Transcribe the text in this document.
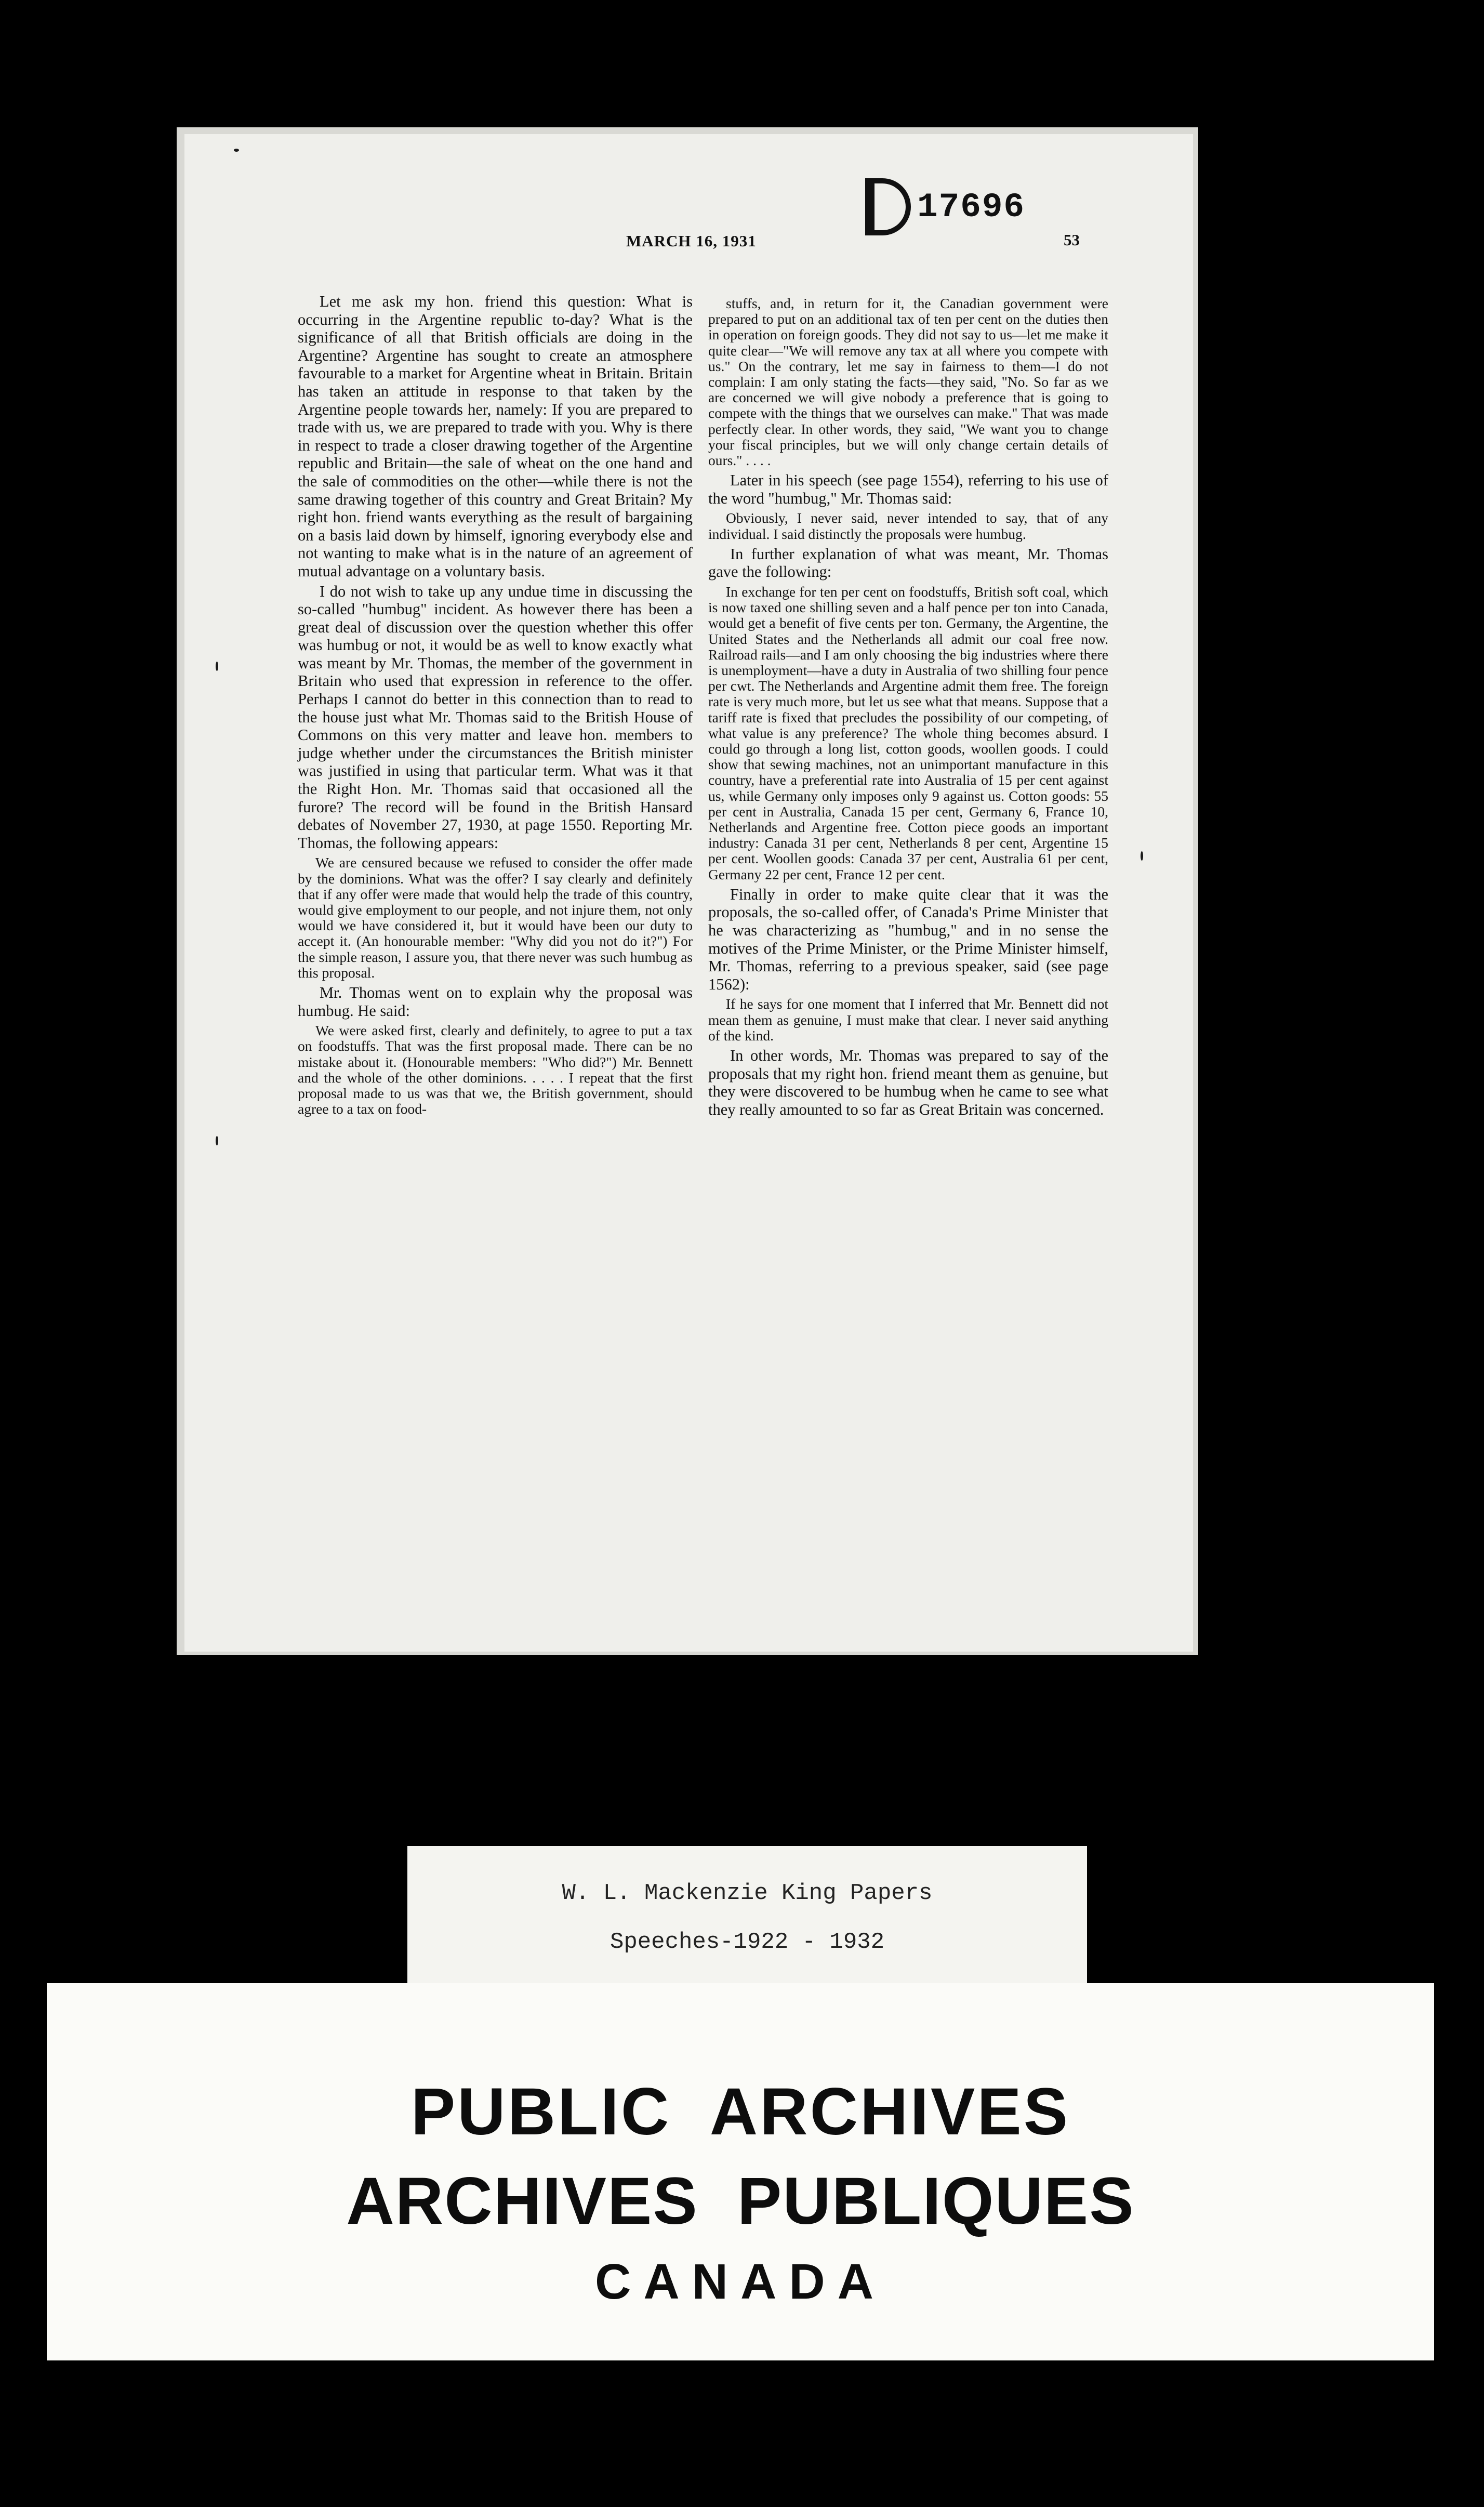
MARCH 16, 1931	53
17696

Let me ask my hon. friend this question: What is occurring in the Argentine republic to-day? What is the significance of all that British officials are doing in the Argentine? Argentine has sought to create an atmosphere favourable to a market for Argentine wheat in Britain. Britain has taken an attitude in response to that taken by the Argentine people towards her, namely: If you are prepared to trade with us, we are prepared to trade with you. Why is there in respect to trade a closer drawing together of the Argentine republic and Britain—the sale of wheat on the one hand and the sale of commodities on the other—while there is not the same drawing together of this country and Great Britain? My right hon. friend wants everything as the result of bargaining on a basis laid down by himself, ignoring everybody else and not wanting to make what is in the nature of an agreement of mutual advantage on a voluntary basis.

I do not wish to take up any undue time in discussing the so-called "humbug" incident. As however there has been a great deal of discussion over the question whether this offer was humbug or not, it would be as well to know exactly what was meant by Mr. Thomas, the member of the government in Britain who used that expression in reference to the offer. Perhaps I cannot do better in this connection than to read to the house just what Mr. Thomas said to the British House of Commons on this very matter and leave hon. members to judge whether under the circumstances the British minister was justified in using that particular term. What was it that the Right Hon. Mr. Thomas said that occasioned all the furore? The record will be found in the British Hansard debates of November 27, 1930, at page 1550. Reporting Mr. Thomas, the following appears:

We are censured because we refused to consider the offer made by the dominions. What was the offer? I say clearly and definitely that if any offer were made that would help the trade of this country, would give employment to our people, and not injure them, not only would we have considered it, but it would have been our duty to accept it. (An honourable member: "Why did you not do it?") For the simple reason, I assure you, that there never was such humbug as this proposal.

Mr. Thomas went on to explain why the proposal was humbug. He said:

We were asked first, clearly and definitely, to agree to put a tax on foodstuffs. That was the first proposal made. There can be no mistake about it. (Honourable members: "Who did?") Mr. Bennett and the whole of the other dominions. . . . . I repeat that the first proposal made to us was that we, the British government, should agree to a tax on food-

stuffs, and, in return for it, the Canadian government were prepared to put on an additional tax of ten per cent on the duties then in operation on foreign goods. They did not say to us—let me make it quite clear—"We will remove any tax at all where you compete with us." On the contrary, let me say in fairness to them—I do not complain: I am only stating the facts—they said, "No. So far as we are concerned we will give nobody a preference that is going to compete with the things that we ourselves can make." That was made perfectly clear. In other words, they said, "We want you to change your fiscal principles, but we will only change certain details of ours." . . . .

Later in his speech (see page 1554), referring to his use of the word "humbug," Mr. Thomas said:

Obviously, I never said, never intended to say, that of any individual. I said distinctly the proposals were humbug.

In further explanation of what was meant, Mr. Thomas gave the following:

In exchange for ten per cent on foodstuffs, British soft coal, which is now taxed one shilling seven and a half pence per ton into Canada, would get a benefit of five cents per ton. Germany, the Argentine, the United States and the Netherlands all admit our coal free now. Railroad rails—and I am only choosing the big industries where there is unemployment—have a duty in Australia of two shilling four pence per cwt. The Netherlands and Argentine admit them free. The foreign rate is very much more, but let us see what that means. Suppose that a tariff rate is fixed that precludes the possibility of our competing, of what value is any preference? The whole thing becomes absurd. I could go through a long list, cotton goods, woollen goods. I could show that sewing machines, not an unimportant manufacture in this country, have a preferential rate into Australia of 15 per cent against us, while Germany only imposes only 9 against us. Cotton goods: 55 per cent in Australia, Canada 15 per cent, Germany 6, France 10, Netherlands and Argentine free. Cotton piece goods an important industry: Canada 31 per cent, Netherlands 8 per cent, Argentine 15 per cent. Woollen goods: Canada 37 per cent, Australia 61 per cent, Germany 22 per cent, France 12 per cent.

Finally in order to make quite clear that it was the proposals, the so-called offer, of Canada's Prime Minister that he was characterizing as "humbug," and in no sense the motives of the Prime Minister, or the Prime Minister himself, Mr. Thomas, referring to a previous speaker, said (see page 1562):

If he says for one moment that I inferred that Mr. Bennett did not mean them as genuine, I must make that clear. I never said anything of the kind.

In other words, Mr. Thomas was prepared to say of the proposals that my right hon. friend meant them as genuine, but they were discovered to be humbug when he came to see what they really amounted to so far as Great Britain was concerned.

W. L. Mackenzie King Papers
Speeches-1922 - 1932
PUBLIC  ARCHIVES
ARCHIVES  PUBLIQUES
CANADA
